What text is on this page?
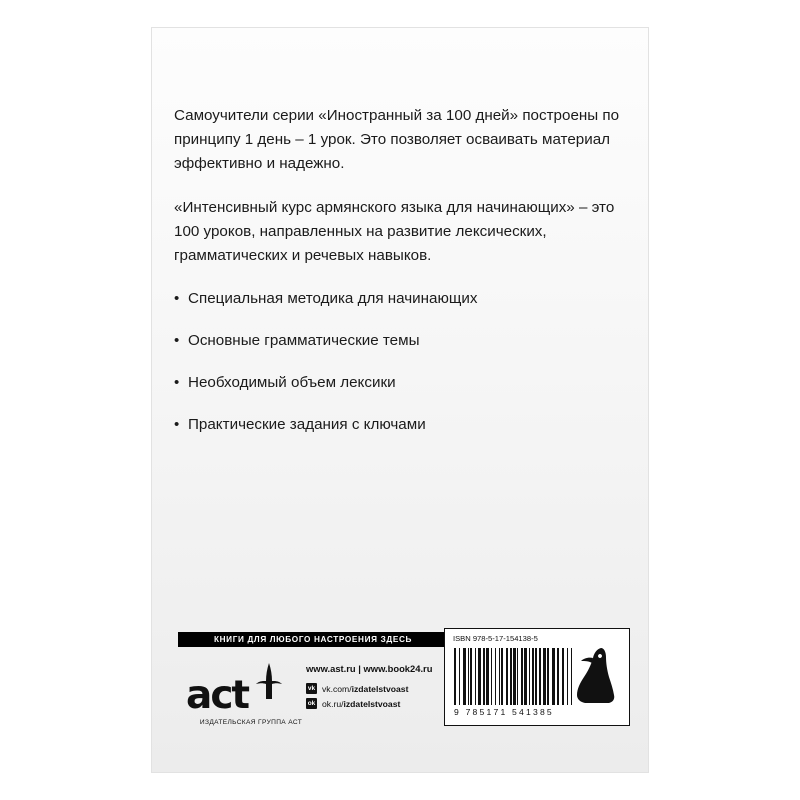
Самоучители серии «Иностранный за 100 дней» построены по принципу 1 день – 1 урок. Это позволяет осваивать материал эффективно и надежно.

«Интенсивный курс армянского языка для начинающих» – это 100 уроков, направленных на развитие лексических, грамматических и речевых навыков.

• Специальная методика для начинающих
• Основные грамматические темы
• Необходимый объем лексики
• Практические задания с ключами
КНИГИ ДЛЯ ЛЮБОГО НАСТРОЕНИЯ ЗДЕСЬ
act
ИЗДАТЕЛЬСКАЯ ГРУППА АСТ
www.ast.ru | www.book24.ru
vk vk.com/izdatelstvoast
ok ok.ru/izdatelstvoast
ISBN 978-5-17-154138-5
9 785171 541385
